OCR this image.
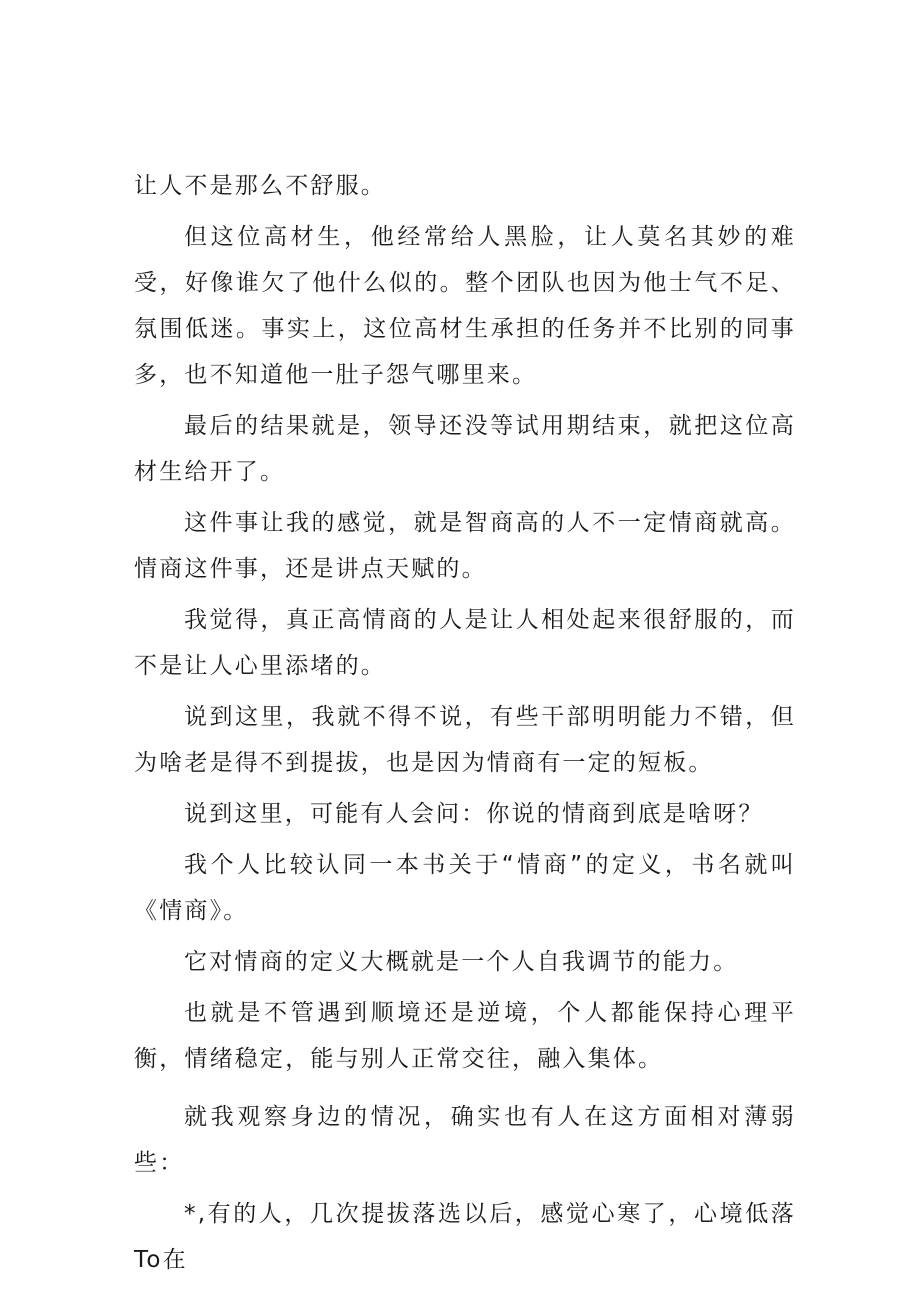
让人不是那么不舒服。

但这位高材生，他经常给人黑脸，让人莫名其妙的难受，好像谁欠了他什么似的。整个团队也因为他士气不足、氛围低迷。事实上，这位高材生承担的任务并不比别的同事多，也不知道他一肚子怨气哪里来。

最后的结果就是，领导还没等试用期结束，就把这位高材生给开了。

这件事让我的感觉，就是智商高的人不一定情商就高。情商这件事，还是讲点天赋的。

我觉得，真正高情商的人是让人相处起来很舒服的，而不是让人心里添堵的。

说到这里，我就不得不说，有些干部明明能力不错，但为啥老是得不到提拔，也是因为情商有一定的短板。

说到这里，可能有人会问：你说的情商到底是啥呀？

我个人比较认同一本书关于“情商”的定义，书名就叫《情商》。

它对情商的定义大概就是一个人自我调节的能力。

也就是不管遇到顺境还是逆境，个人都能保持心理平衡，情绪稳定，能与别人正常交往，融入集体。

就我观察身边的情况，确实也有人在这方面相对薄弱些：

*,有的人，几次提拔落选以后，感觉心寒了，心境低落To在
